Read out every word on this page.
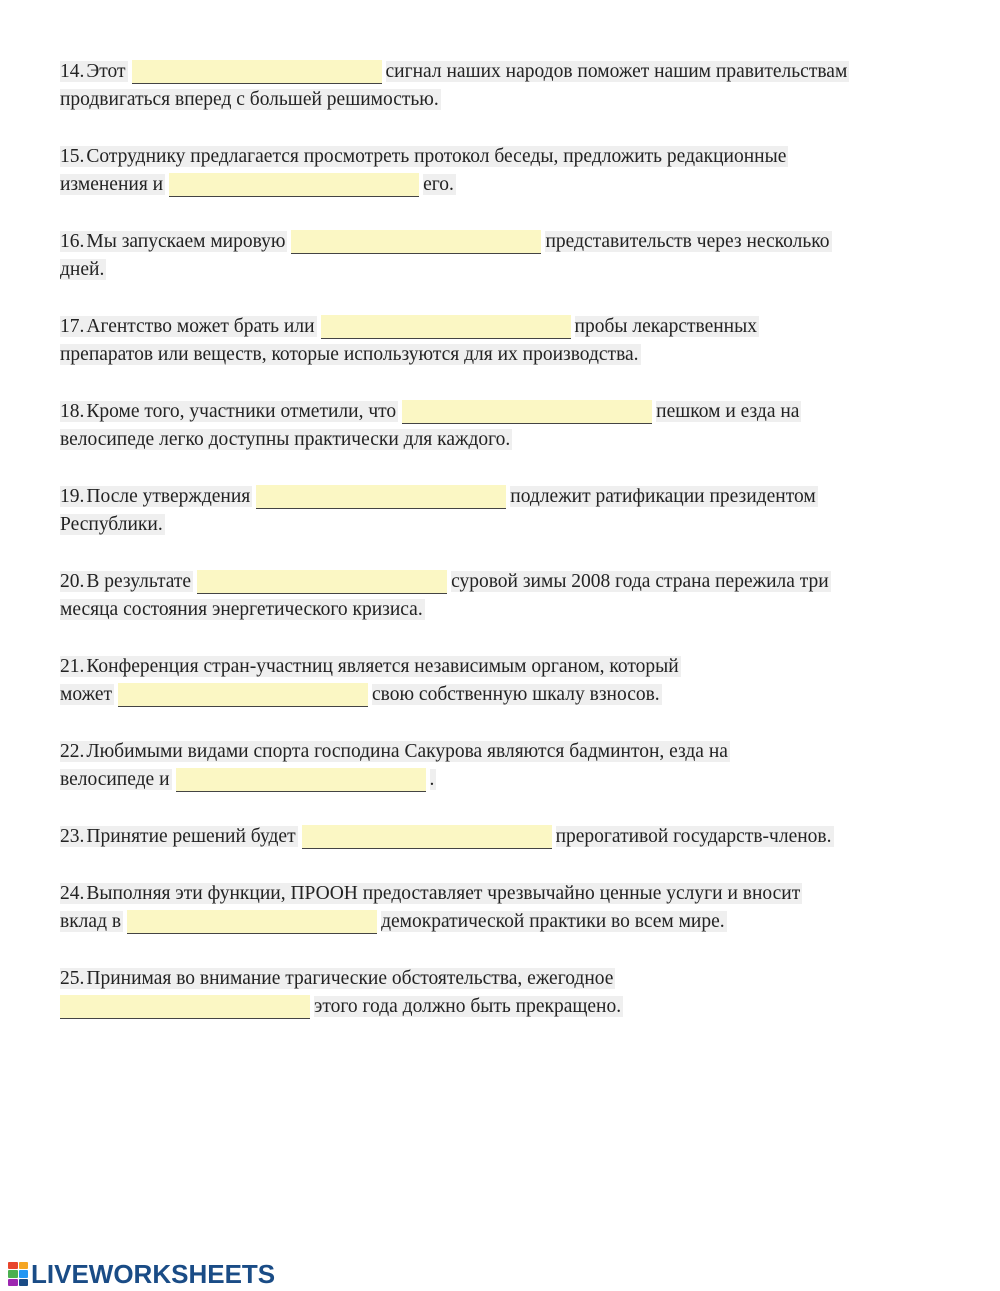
14. Этот	сигнал наших народов поможет нашим правительствам
продвигаться вперед с большей решимостью.
15. Сотруднику предлагается просмотреть протокол беседы, предложить редакционные
изменения и	его.
16. Мы запускаем мировую	представительств через несколько
дней.
17. Агентство может брать или	пробы лекарственных
препаратов или веществ, которые используются для их производства.
18. Кроме того, участники отметили, что	пешком и езда на
велосипеде легко доступны практически для каждого.
19. После утверждения	подлежит ратификации президентом
Республики.
20. В результате	суровой зимы 2008 года страна пережила три
месяца состояния энергетического кризиса.
21. Конференция стран-участниц является независимым органом, который
может	свою собственную шкалу взносов.
22. Любимыми видами спорта господина Сакурова являются бадминтон, езда на
велосипеде и	.
23. Принятие решений будет	прерогативой государств-членов.
24. Выполняя эти функции, ПРООН предоставляет чрезвычайно ценные услуги и вносит
вклад в	демократической практики во всем мире.
25. Принимая во внимание трагические обстоятельства, ежегодное
этого года должно быть прекращено.
LIVEWORKSHEETS
